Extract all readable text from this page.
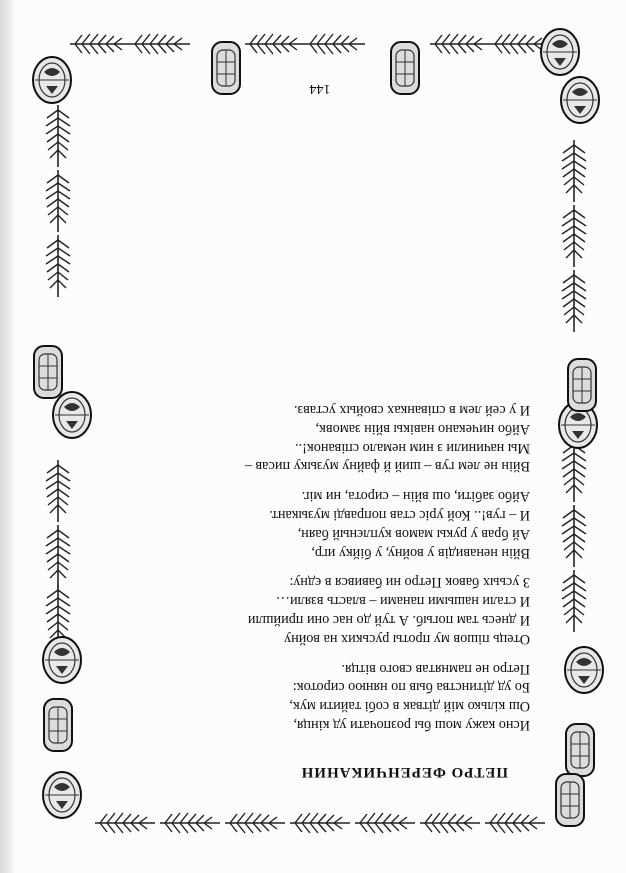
ПЕТРО ФЕРЕНЧИКАНИН
Исно кажу мош бы розпочати уд кінця,
Ош кілько мій дітвак в собі тайити мук,
Бо уд дітинства быв по нянюо сироток:
Петро не памнятав свого вітця.
Отець пішов му проты руських на войну
И днесь там погыб. А туй до нас они прийшли
И стали нашыми панами – власть взяли…
З усьых бавок Петро ни бавився в єдну:
Вйін ненавидів у войну, у бійку игр,
Ай брав у рукы мамов куплєный баян,
И – гув!.. Кой уріс став поправді музыкант.
Айбо забіти, ош вйін – сирота, ни міг.
Вйін не лем гув – ший й файну музыку писав –
Мы начинили з ним немало співанок!..
Айбо ничекано навікы вйін замовк,
И у сей лем в співанках свойых уставз.
144
